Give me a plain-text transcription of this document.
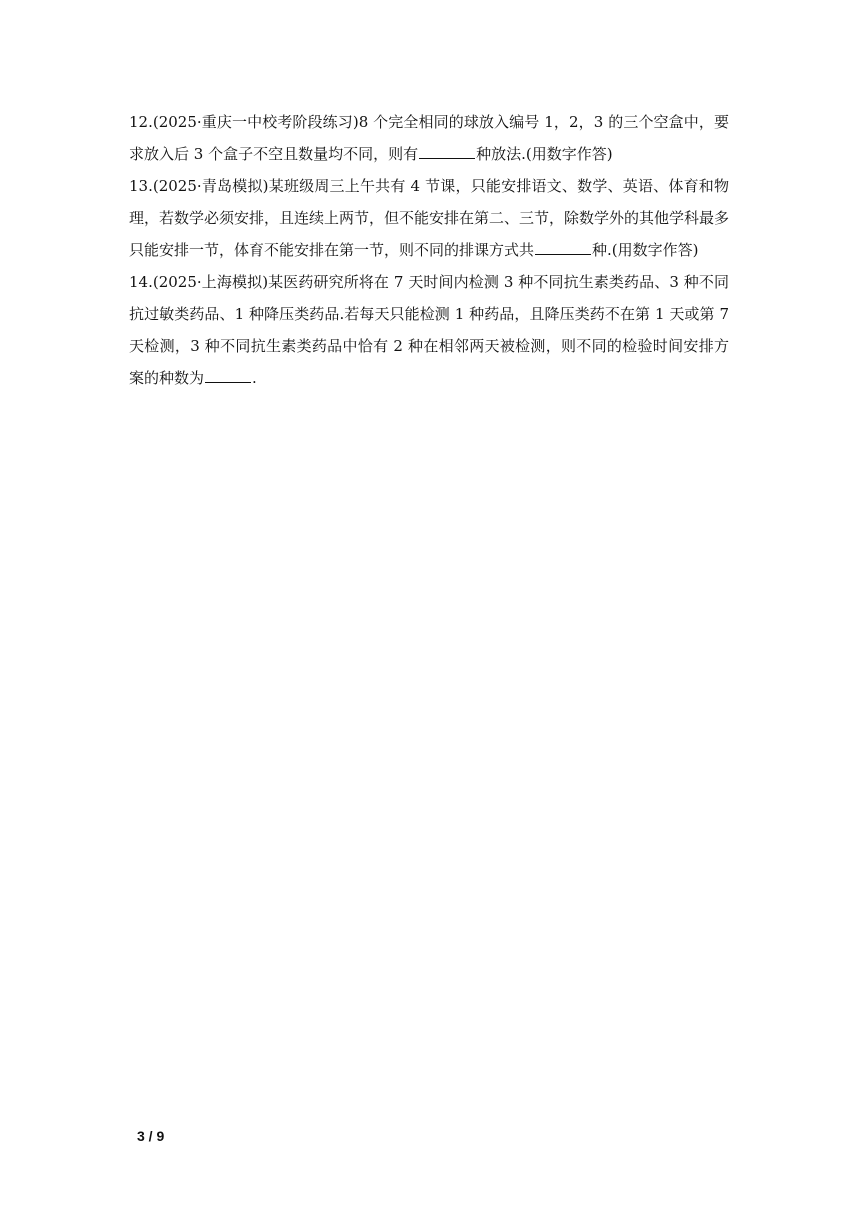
12.(2025·重庆一中校考阶段练习)8 个完全相同的球放入编号 1，2，3 的三个空盒中，要求放入后 3 个盒子不空且数量均不同，则有	种放法.(用数字作答)

13.(2025·青岛模拟)某班级周三上午共有 4 节课，只能安排语文、数学、英语、体育和物理，若数学必须安排，且连续上两节，但不能安排在第二、三节，除数学外的其他学科最多只能安排一节，体育不能安排在第一节，则不同的排课方式共	种.(用数字作答)

14.(2025·上海模拟)某医药研究所将在 7 天时间内检测 3 种不同抗生素类药品、3 种不同抗过敏类药品、1 种降压类药品.若每天只能检测 1 种药品，且降压类药不在第 1 天或第 7 天检测，3 种不同抗生素类药品中恰有 2 种在相邻两天被检测，则不同的检验时间安排方案的种数为	.

3 / 9
